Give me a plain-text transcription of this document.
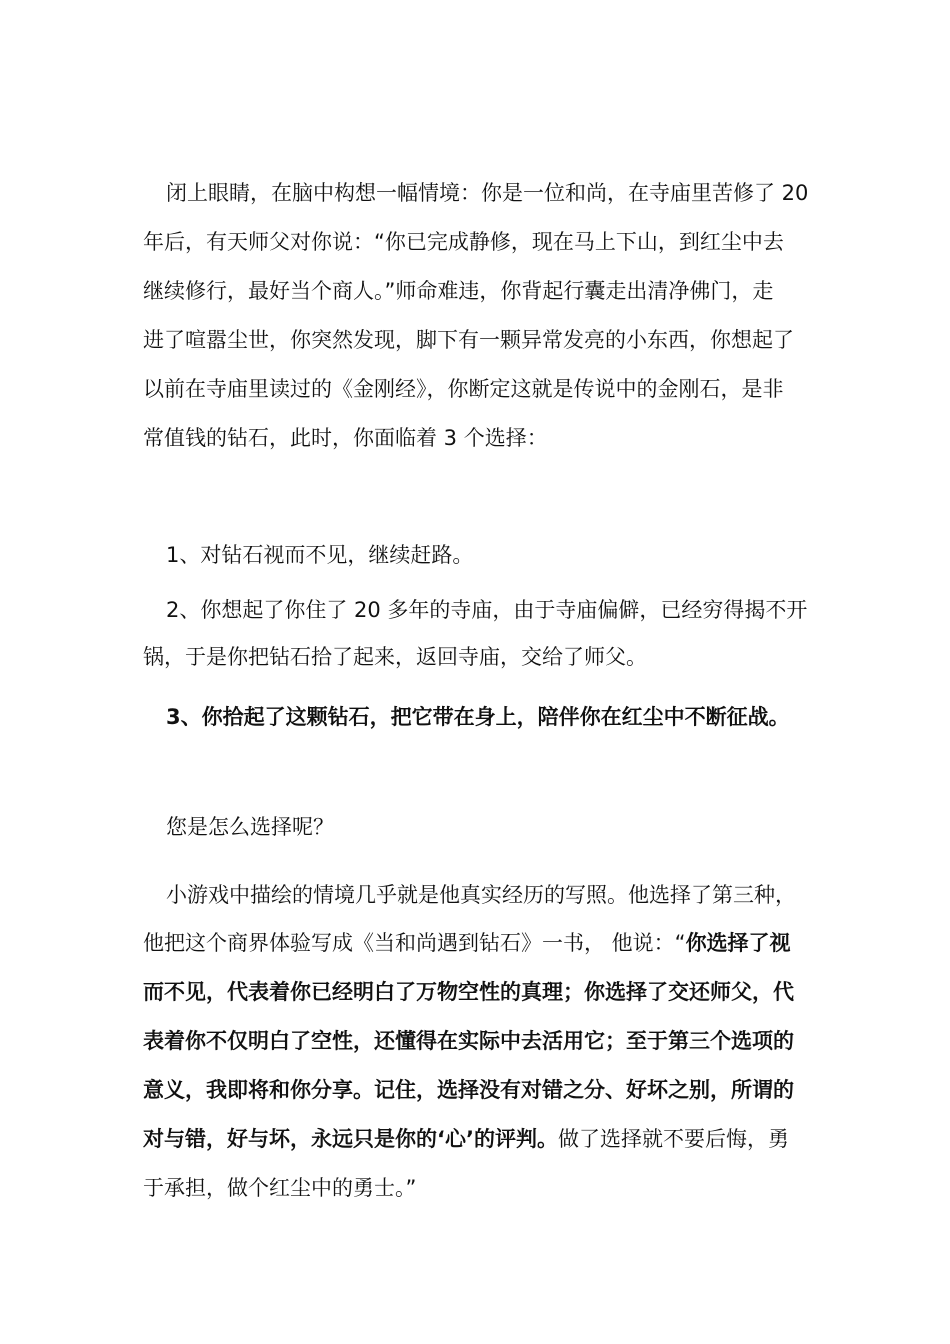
闭上眼睛，在脑中构想一幅情境：你是一位和尚，在寺庙里苦修了 20
年后，有天师父对你说：“你已完成静修，现在马上下山，到红尘中去
继续修行，最好当个商人。”师命难违，你背起行囊走出清净佛门，走
进了喧嚣尘世，你突然发现，脚下有一颗异常发亮的小东西，你想起了
以前在寺庙里读过的《金刚经》，你断定这就是传说中的金刚石，是非
常值钱的钻石，此时，你面临着 3 个选择：
1、对钻石视而不见，继续赶路。
2、你想起了你住了 20 多年的寺庙，由于寺庙偏僻，已经穷得揭不开
锅，于是你把钻石拾了起来，返回寺庙，交给了师父。
3、你拾起了这颗钻石，把它带在身上，陪伴你在红尘中不断征战。
您是怎么选择呢？
小游戏中描绘的情境几乎就是他真实经历的写照。他选择了第三种，
他把这个商界体验写成《当和尚遇到钻石》一书， 他说：“你选择了视
而不见，代表着你已经明白了万物空性的真理；你选择了交还师父，代
表着你不仅明白了空性，还懂得在实际中去活用它；至于第三个选项的
意义，我即将和你分享。记住，选择没有对错之分、好坏之别，所谓的
对与错，好与坏，永远只是你的‘心’的评判。做了选择就不要后悔，勇
于承担，做个红尘中的勇士。”
